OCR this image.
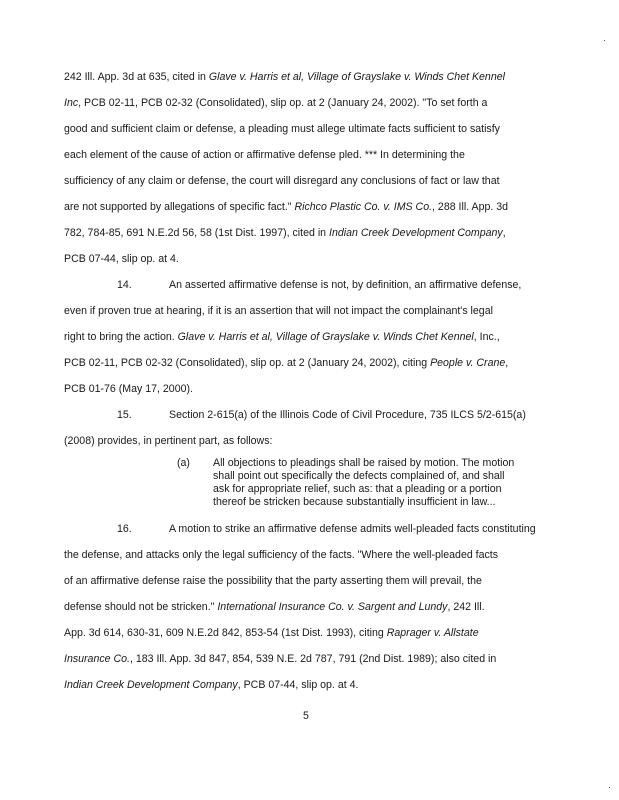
242 Ill. App. 3d at 635, cited in Glave v. Harris et al, Village of Grayslake v. Winds Chet Kennel
Inc, PCB 02-11, PCB 02-32 (Consolidated), slip op. at 2 (January 24, 2002). "To set forth a
good and sufficient claim or defense, a pleading must allege ultimate facts sufficient to satisfy
each element of the cause of action or affirmative defense pled. *** In determining the
sufficiency of any claim or defense, the court will disregard any conclusions of fact or law that
are not supported by allegations of specific fact." Richco Plastic Co. v. IMS Co., 288 Ill. App. 3d
782, 784-85, 691 N.E.2d 56, 58 (1st Dist. 1997), cited in Indian Creek Development Company,
PCB 07-44, slip op. at 4.
14.	An asserted affirmative defense is not, by definition, an affirmative defense,
even if proven true at hearing, if it is an assertion that will not impact the complainant's legal
right to bring the action. Glave v. Harris et al, Village of Grayslake v. Winds Chet Kennel, Inc.,
PCB 02-11, PCB 02-32 (Consolidated), slip op. at 2 (January 24, 2002), citing People v. Crane,
PCB 01-76 (May 17, 2000).
15.	Section 2-615(a) of the Illinois Code of Civil Procedure, 735 ILCS 5/2-615(a)
(2008) provides, in pertinent part, as follows:
(a) All objections to pleadings shall be raised by motion. The motion
shall point out specifically the defects complained of, and shall
ask for appropriate relief, such as: that a pleading or a portion
thereof be stricken because substantially insufficient in law...
16.	A motion to strike an affirmative defense admits well-pleaded facts constituting
the defense, and attacks only the legal sufficiency of the facts. "Where the well-pleaded facts
of an affirmative defense raise the possibility that the party asserting them will prevail, the
defense should not be stricken." International Insurance Co. v. Sargent and Lundy, 242 Ill.
App. 3d 614, 630-31, 609 N.E.2d 842, 853-54 (1st Dist. 1993), citing Raprager v. Allstate
Insurance Co., 183 Ill. App. 3d 847, 854, 539 N.E. 2d 787, 791 (2nd Dist. 1989); also cited in
Indian Creek Development Company, PCB 07-44, slip op. at 4.
5
